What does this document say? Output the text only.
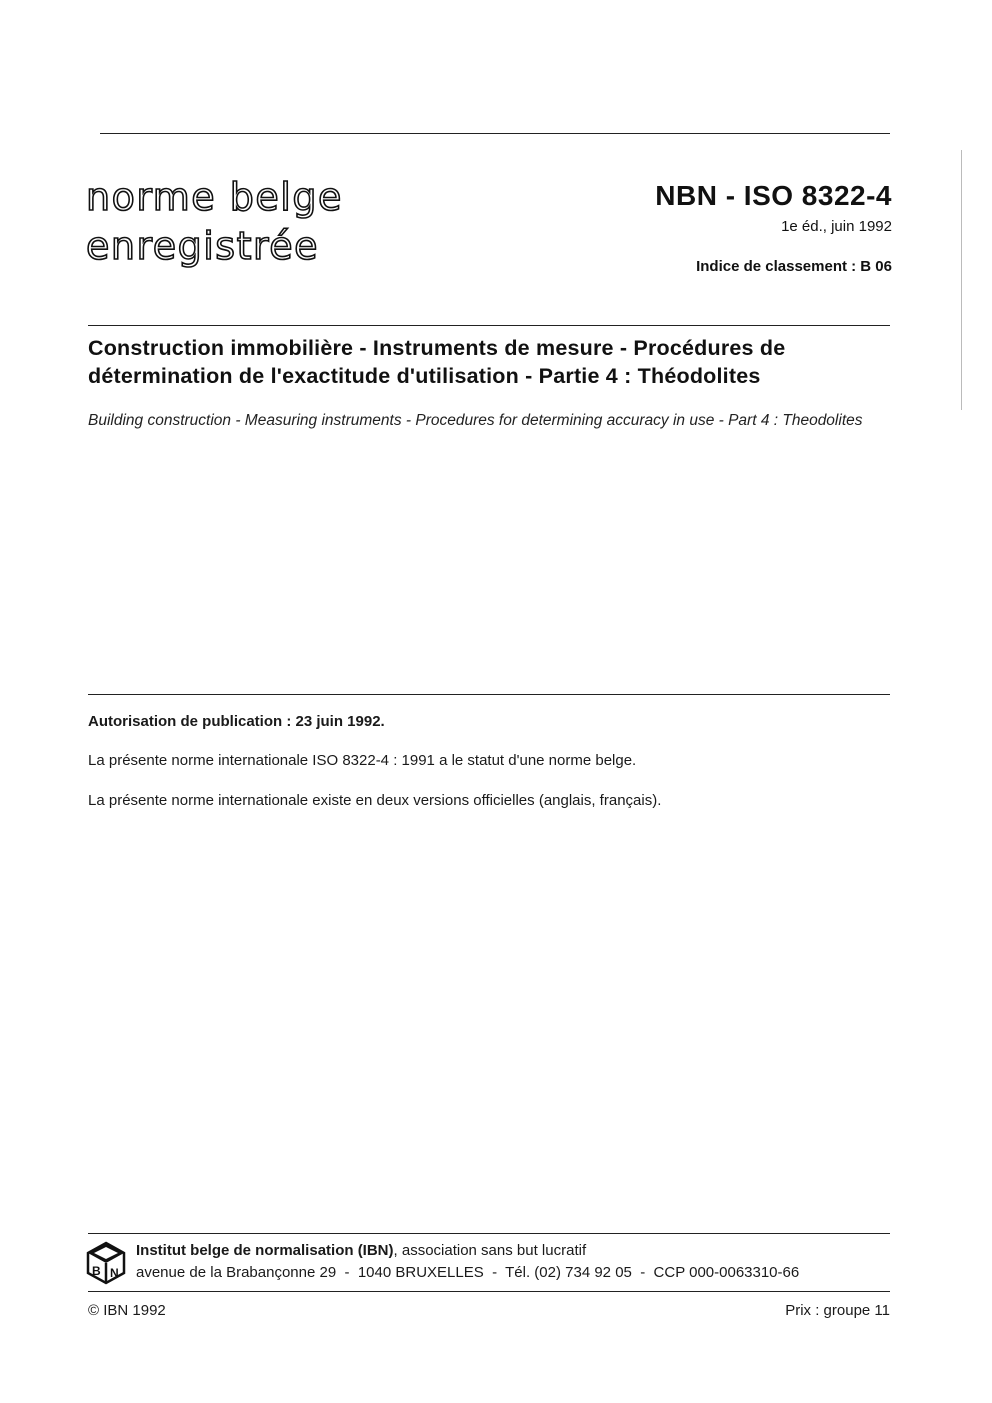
norme belge
enregistrée
NBN - ISO 8322-4
1e éd., juin 1992
Indice de classement : B 06
Construction immobilière - Instruments de mesure - Procédures de détermination de l'exactitude d'utilisation - Partie 4 : Théodolites
Building construction - Measuring instruments - Procedures for determining accuracy in use - Part 4 : Theodolites
Autorisation de publication : 23 juin 1992.
La présente norme internationale ISO 8322-4 : 1991 a le statut d'une norme belge.
La présente norme internationale existe en deux versions officielles (anglais, français).
B N
Institut belge de normalisation (IBN), association sans but lucratif
avenue de la Brabançonne 29  -  1040 BRUXELLES  -  Tél. (02) 734 92 05  -  CCP 000-0063310-66
© IBN 1992	Prix : groupe 11
